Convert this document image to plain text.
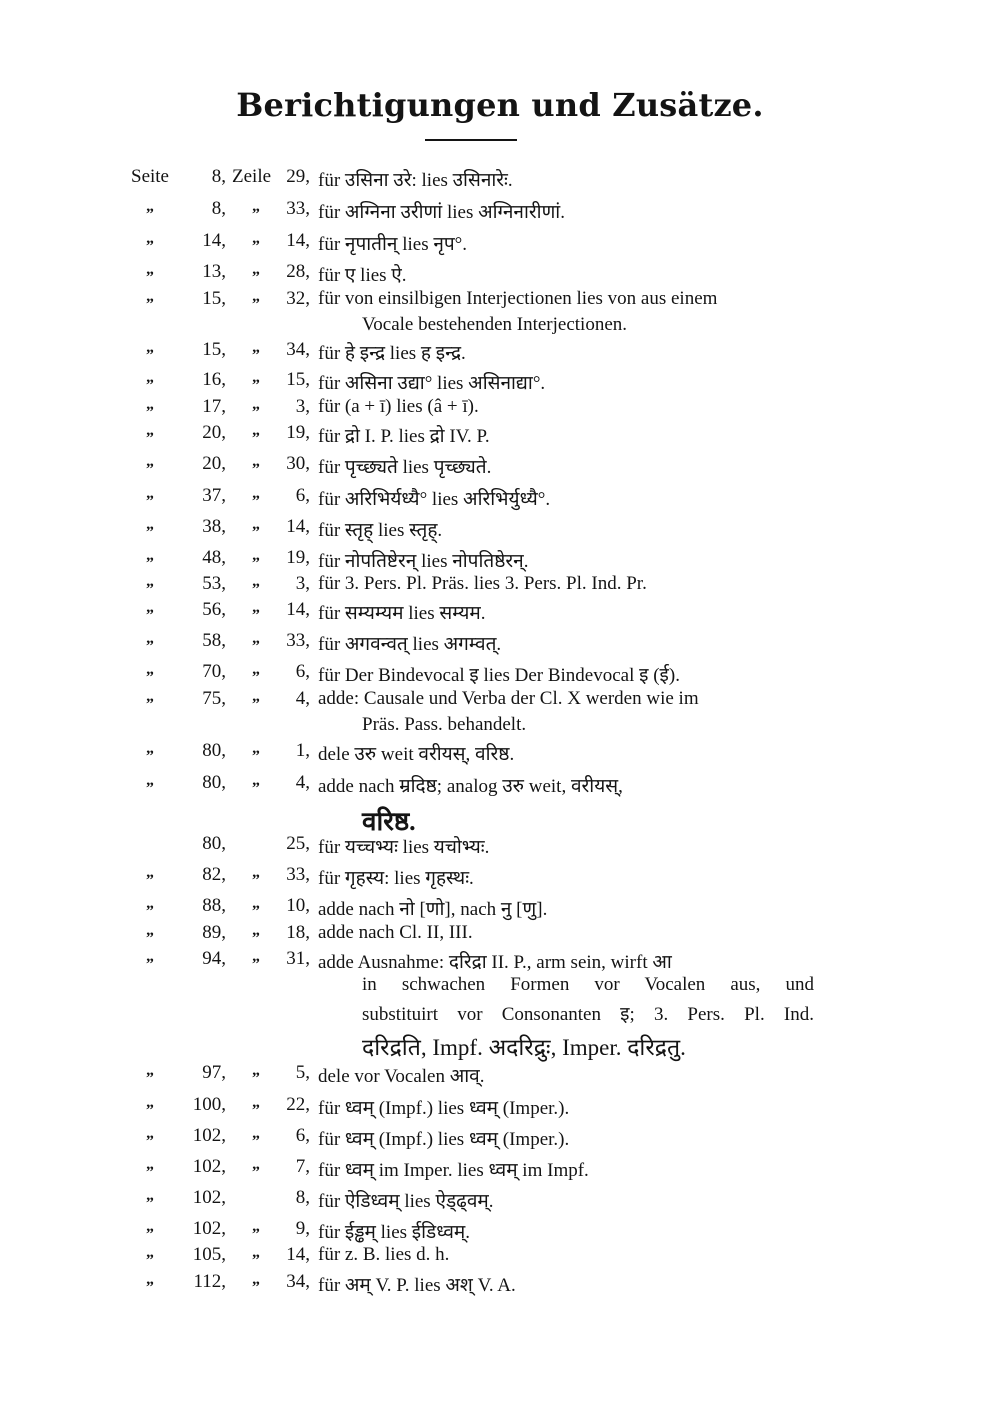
Berichtigungen und Zusätze.
Seite	8, Zeile 29, für उसिना उरे: lies उसिनारेः.
„	8, „	33, für अग्निना उरीणां lies अग्निनारीणां.
„	14, „	14, für नृपातीन् lies नृप°.
„	13, „	28, für ए lies ऐ.
„	15, „	32, für von einsilbigen Interjectionen lies von aus einem
Vocale bestehenden Interjectionen.
„	15, „	34, für हे इन्द्र lies ह इन्द्र.
„	16, „	15, für असिना उद्या° lies असिनाद्या°.
„	17, „	3, für (a + ī) lies (â + ī).
„	20, „	19, für द्रो I. P. lies द्रो IV. P.
„	20, „	30, für पृच्छ्यते lies पृच्छ्यते.
„	37, „	6, für अरिभिर्यध्यै° lies अरिभिर्युध्यै°.
„	38, „	14, für स्तृह् lies स्तृह्.
„	48, „	19, für नोपतिष्टेरन् lies नोपतिष्ठेरन्.
„	53, „	3, für 3. Pers. Pl. Präs. lies 3. Pers. Pl. Ind. Pr.
„	56, „	14, für सम्यम्यम lies सम्यम.
„	58, „	33, für अगवन्वत् lies अगम्वत्.
„	70, „	6, für Der Bindevocal इ lies Der Bindevocal इ (ई).
„	75, „	4, adde: Causale und Verba der Cl. X werden wie im
Präs. Pass. behandelt.
„	80, „	1, dele उरु weit वरीयस्, वरिष्ठ.
„	80, „	4, adde nach म्रदिष्ठ; analog उरु weit, वरीयस्,
वरिष्ठ.
80,	25, für यच्चभ्यः lies यचोभ्यः.
„	82, „	33, für गृहस्य: lies गृहस्थः.
„	88, „	10, adde nach नो [णो], nach नु [णु].
„	89, „	18, adde nach Cl. II, III.
„	94, „	31, adde Ausnahme: दरिद्रा II. P., arm sein, wirft आ
in schwachen Formen vor Vocalen aus, und
substituirt vor Consonanten इ; 3. Pers. Pl. Ind.
दरिद्रति, Impf. अदरिद्रुः, Imper. दरिद्रतु.
„	97, „	5, dele vor Vocalen आव्.
„	100, „	22, für ध्वम् (Impf.) lies ध्वम् (Imper.).
„	102, „	6, für ध्वम् (Impf.) lies ध्वम् (Imper.).
„	102, „	7, für ध्वम् im Imper. lies ध्वम् im Impf.
„	102,	8, für ऐडिध्वम् lies ऐड्ढ्वम्.
„	102, „	9, für ईड्ढम् lies ईडिध्वम्.
„	105, „	14, für z. B. lies d. h.
„	112, „	34, für अम् V. P. lies अश् V. A.
